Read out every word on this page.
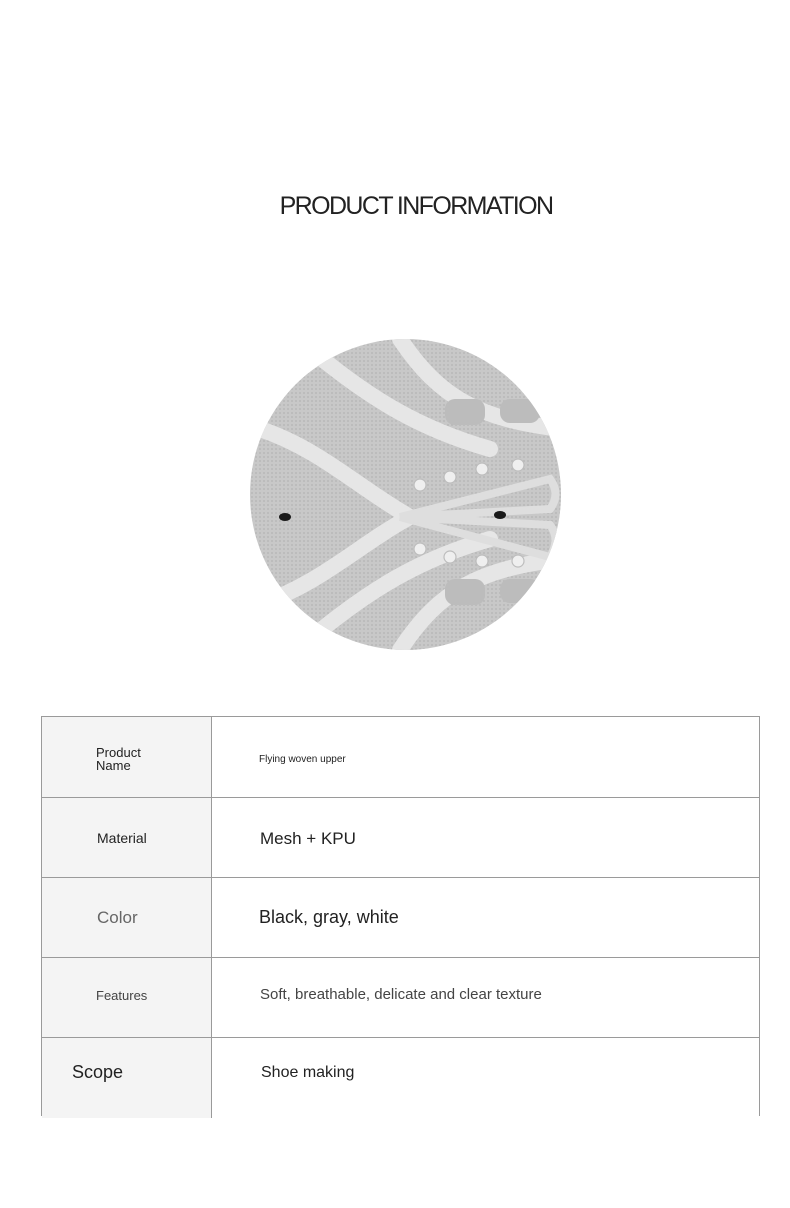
PRODUCT INFORMATION
Product
Name	Flying woven upper
Material	Mesh + KPU
Color	Black, gray, white
Features	Soft, breathable, delicate and clear texture
Scope	Shoe making
